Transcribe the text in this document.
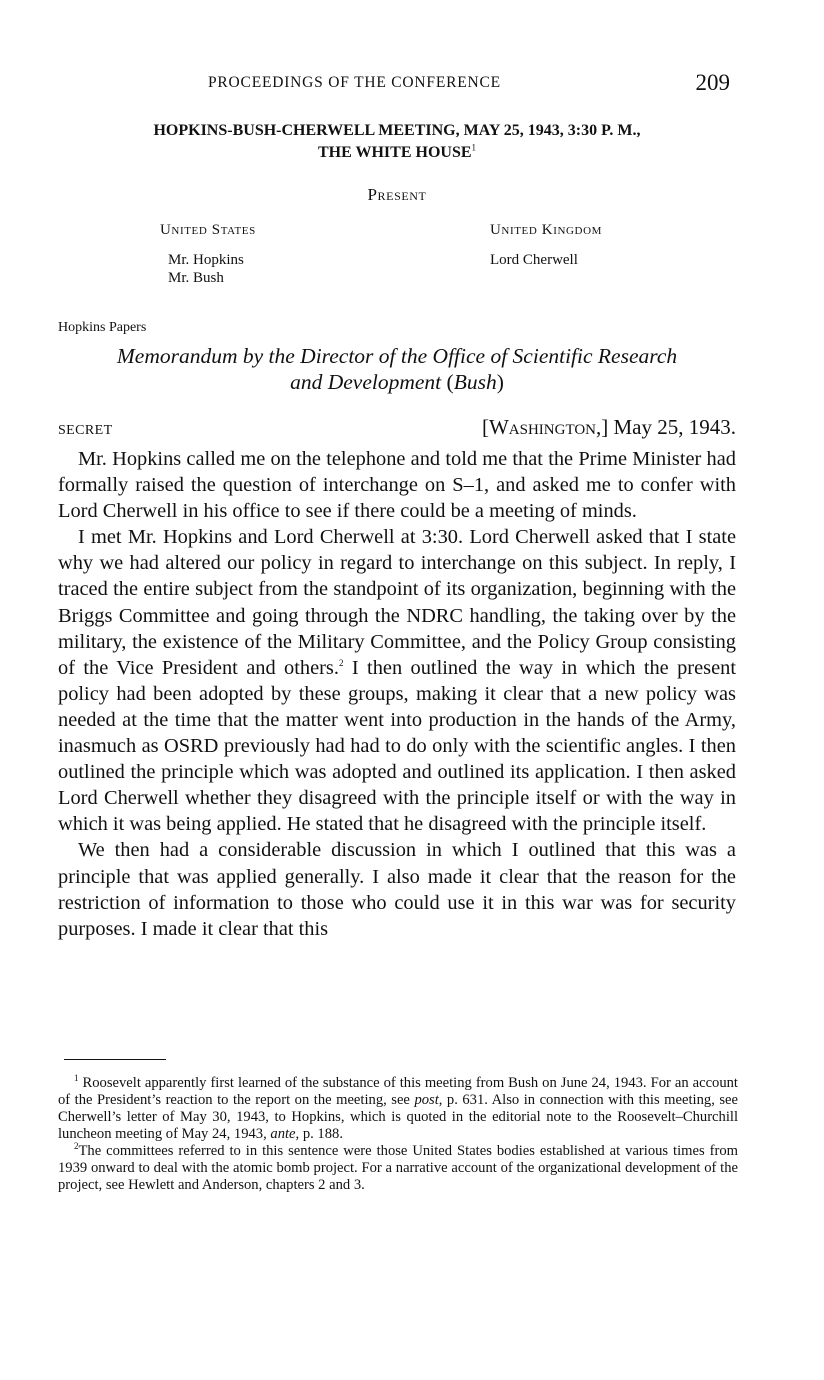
PROCEEDINGS OF THE CONFERENCE	209
HOPKINS-BUSH-CHERWELL MEETING, MAY 25, 1943, 3:30 P. M.,
THE WHITE HOUSE$^1$
Present
United States
Mr. Hopkins
Mr. Bush
United Kingdom
Lord Cherwell
Hopkins Papers
Memorandum by the Director of the Office of Scientific Research
and Development (Bush)
SECRET	[Washington,] May 25, 1943.

Mr. Hopkins called me on the telephone and told me that the Prime Minister had formally raised the question of interchange on S–1, and asked me to confer with Lord Cherwell in his office to see if there could be a meeting of minds.

I met Mr. Hopkins and Lord Cherwell at 3:30. Lord Cherwell asked that I state why we had altered our policy in regard to interchange on this subject. In reply, I traced the entire subject from the standpoint of its organization, beginning with the Briggs Committee and going through the NDRC handling, the taking over by the military, the existence of the Military Committee, and the Policy Group consisting of the Vice President and others.$^2$ I then outlined the way in which the present policy had been adopted by these groups, making it clear that a new policy was needed at the time that the matter went into production in the hands of the Army, inasmuch as OSRD previously had had to do only with the scientific angles. I then outlined the principle which was adopted and outlined its application. I then asked Lord Cherwell whether they disagreed with the principle itself or with the way in which it was being applied. He stated that he disagreed with the principle itself.

We then had a considerable discussion in which I outlined that this was a principle that was applied generally. I also made it clear that the reason for the restriction of information to those who could use it in this war was for security purposes. I made it clear that this

$^1$ Roosevelt apparently first learned of the substance of this meeting from Bush on June 24, 1943. For an account of the President’s reaction to the report on the meeting, see post, p. 631. Also in connection with this meeting, see Cherwell’s letter of May 30, 1943, to Hopkins, which is quoted in the editorial note to the Roosevelt–Churchill luncheon meeting of May 24, 1943, ante, p. 188.

$^2$The committees referred to in this sentence were those United States bodies established at various times from 1939 onward to deal with the atomic bomb project. For a narrative account of the organizational development of the project, see Hewlett and Anderson, chapters 2 and 3.
